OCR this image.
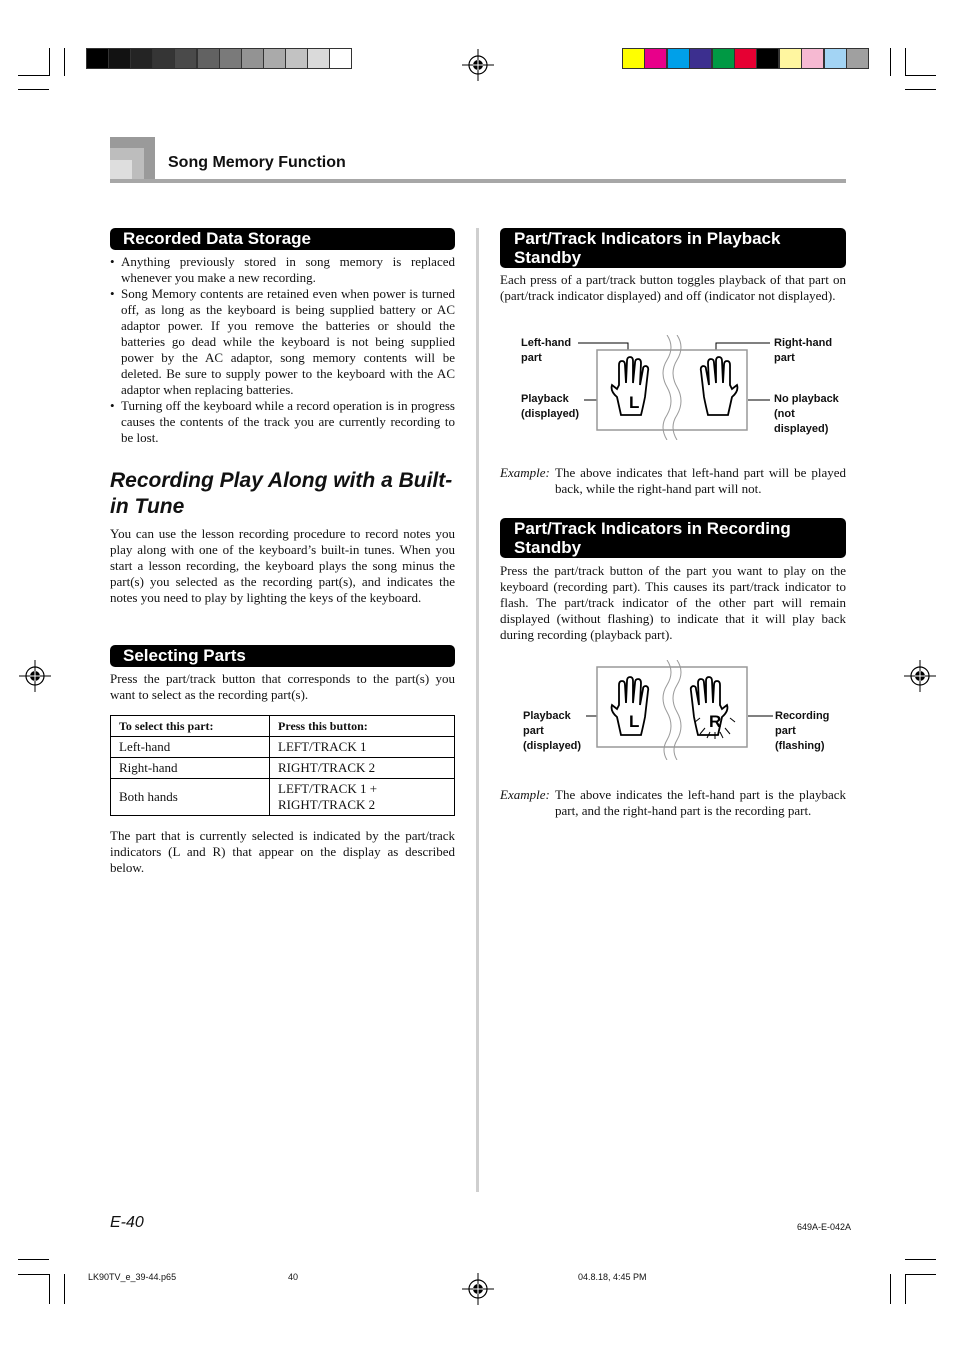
Song Memory Function
Recorded Data Storage
• Anything previously stored in song memory is replaced whenever you make a new recording.
• Song Memory contents are retained even when power is turned off, as long as the keyboard is being supplied battery or AC adaptor power. If you remove the batteries or should the batteries go dead while the keyboard is not being supplied power by the AC adaptor, song memory contents will be deleted. Be sure to supply power to the keyboard with the AC adaptor when replacing batteries.
• Turning off the keyboard while a record operation is in progress causes the contents of the track you are currently recording to be lost.
Recording Play Along with a Built-
in Tune
You can use the lesson recording procedure to record notes you play along with one of the keyboard’s built-in tunes. When you start a lesson recording, the keyboard plays the song minus the part(s) you selected as the recording part(s), and indicates the notes you need to play by lighting the keys of the keyboard.
Selecting Parts
Press the part/track button that corresponds to the part(s) you want to select as the recording part(s).
To select this part:	Press this button:
Left-hand	LEFT/TRACK 1
Right-hand	RIGHT/TRACK 2
Both hands	LEFT/TRACK 1 +
RIGHT/TRACK 2
The part that is currently selected is indicated by the part/track indicators (L and R) that appear on the display as described below.
Part/Track Indicators in Playback
Standby
Each press of a part/track button toggles playback of that part on (part/track indicator displayed) and off (indicator not displayed).
Left-hand
part
Right-hand
part
Playback
(displayed)
No playback
(not
displayed)
L
Example: The above indicates that left-hand part will be played back, while the right-hand part will not.
Part/Track Indicators in Recording
Standby
Press the part/track button of the part you want to play on the keyboard (recording part). This causes its part/track indicator to flash. The part/track indicator of the other part will remain displayed (without flashing) to indicate that it will play back during recording (playback part).
Playback
part
(displayed)
Recording
part
(flashing)
L	R
Example: The above indicates the left-hand part is the playback part, and the right-hand part is the recording part.
E-40	649A-E-042A
LK90TV_e_39-44.p65	40	04.8.18, 4:45 PM
